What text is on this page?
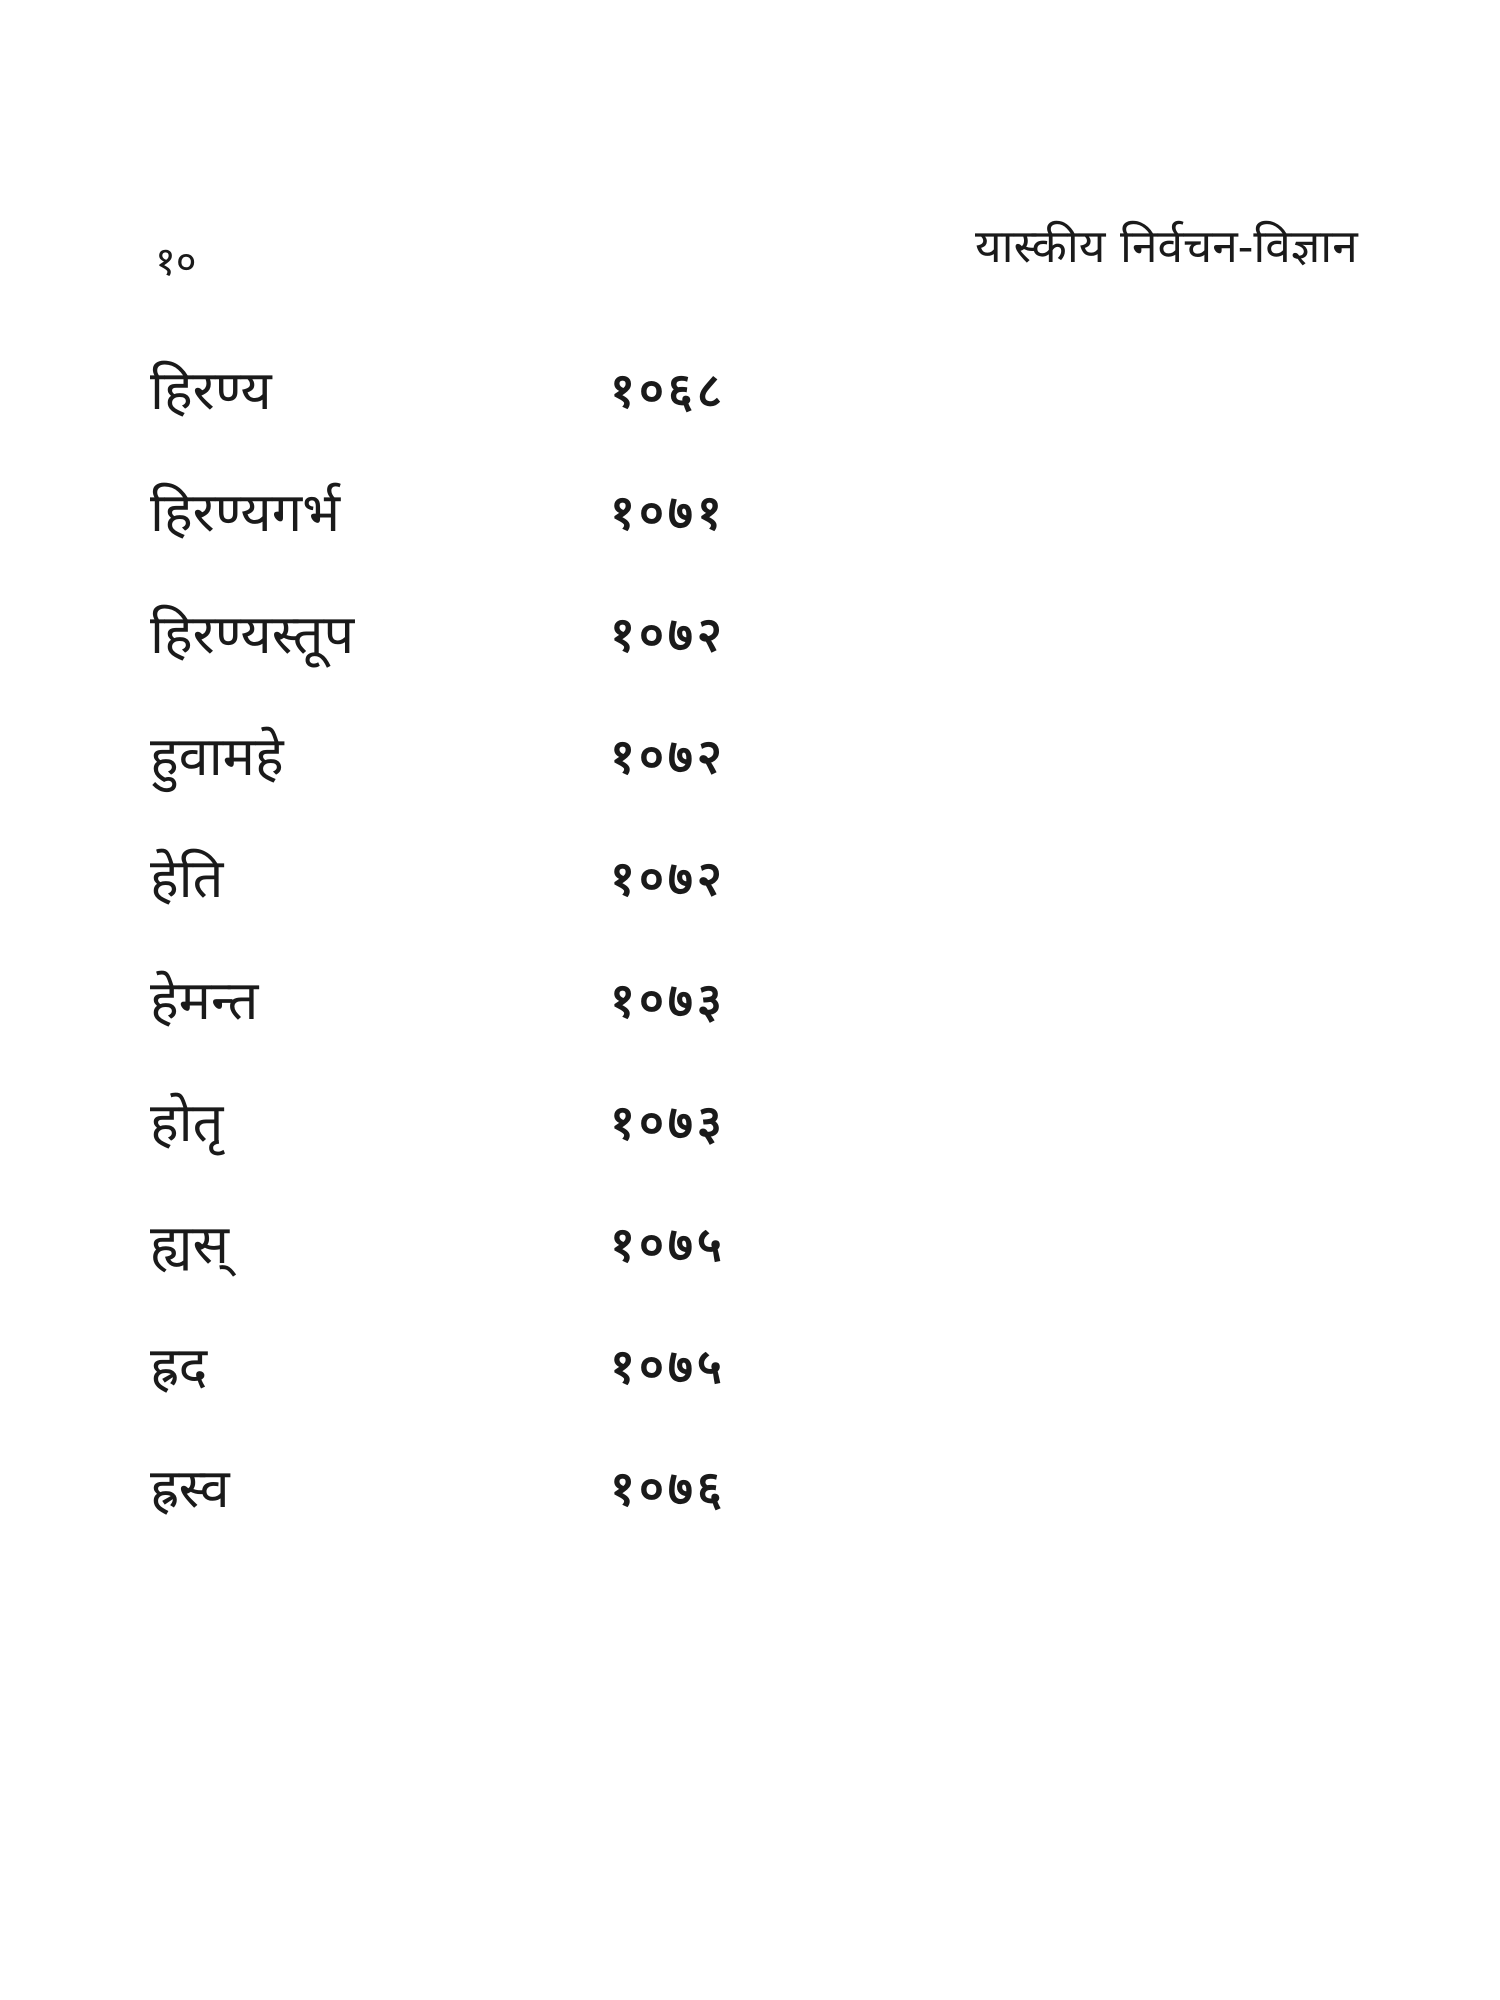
१०	यास्कीय निर्वचन-विज्ञान
हिरण्य	१०६८
हिरण्यगर्भ	१०७१
हिरण्यस्तूप	१०७२
हुवामहे	१०७२
हेति	१०७२
हेमन्त	१०७३
होतृ	१०७३
ह्यस्	१०७५
ह्रद	१०७५
ह्रस्व	१०७६
